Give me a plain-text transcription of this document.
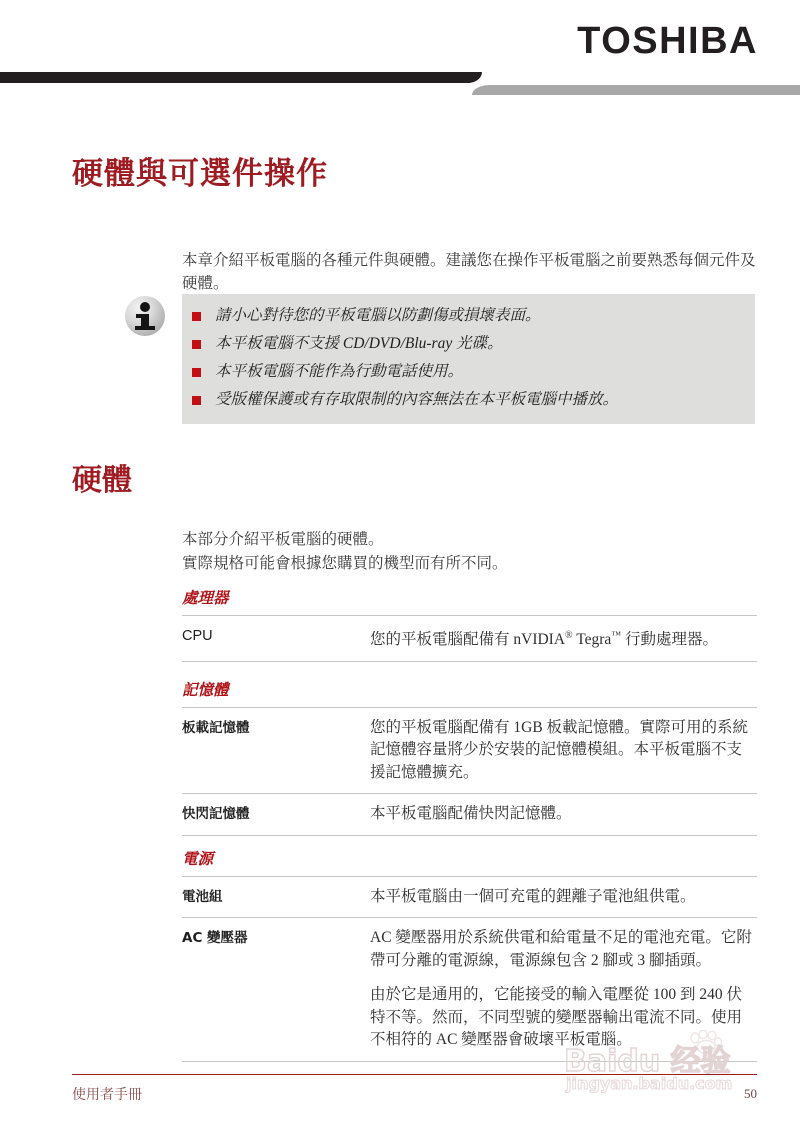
TOSHIBA
硬體與可選件操作
本章介紹平板電腦的各種元件與硬體。建議您在操作平板電腦之前要熟悉每個元件及硬體。
請小心對待您的平板電腦以防劃傷或損壞表面。
本平板電腦不支援 CD/DVD/Blu-ray 光碟。
本平板電腦不能作為行動電話使用。
受版權保護或有存取限制的內容無法在本平板電腦中播放。
硬體
本部分介紹平板電腦的硬體。
實際規格可能會根據您購買的機型而有所不同。
處理器
CPU	您的平板電腦配備有 nVIDIA® Tegra™ 行動處理器。

記憶體
板載記憶體	您的平板電腦配備有 1GB 板載記憶體。實際可用的系統記憶體容量將少於安裝的記憶體模組。本平板電腦不支援記憶體擴充。

快閃記憶體	本平板電腦配備快閃記憶體。

電源
電池組	本平板電腦由一個可充電的鋰離子電池組供電。

AC 變壓器	AC 變壓器用於系統供電和給電量不足的電池充電。它附帶可分離的電源線，電源線包含 2 腳或 3 腳插頭。

由於它是通用的，它能接受的輸入電壓從 100 到 240 伏特不等。然而，不同型號的變壓器輸出電流不同。使用不相符的 AC 變壓器會破壞平板電腦。

Baidu 经验
jingyan.baidu.com
使用者手冊	50
